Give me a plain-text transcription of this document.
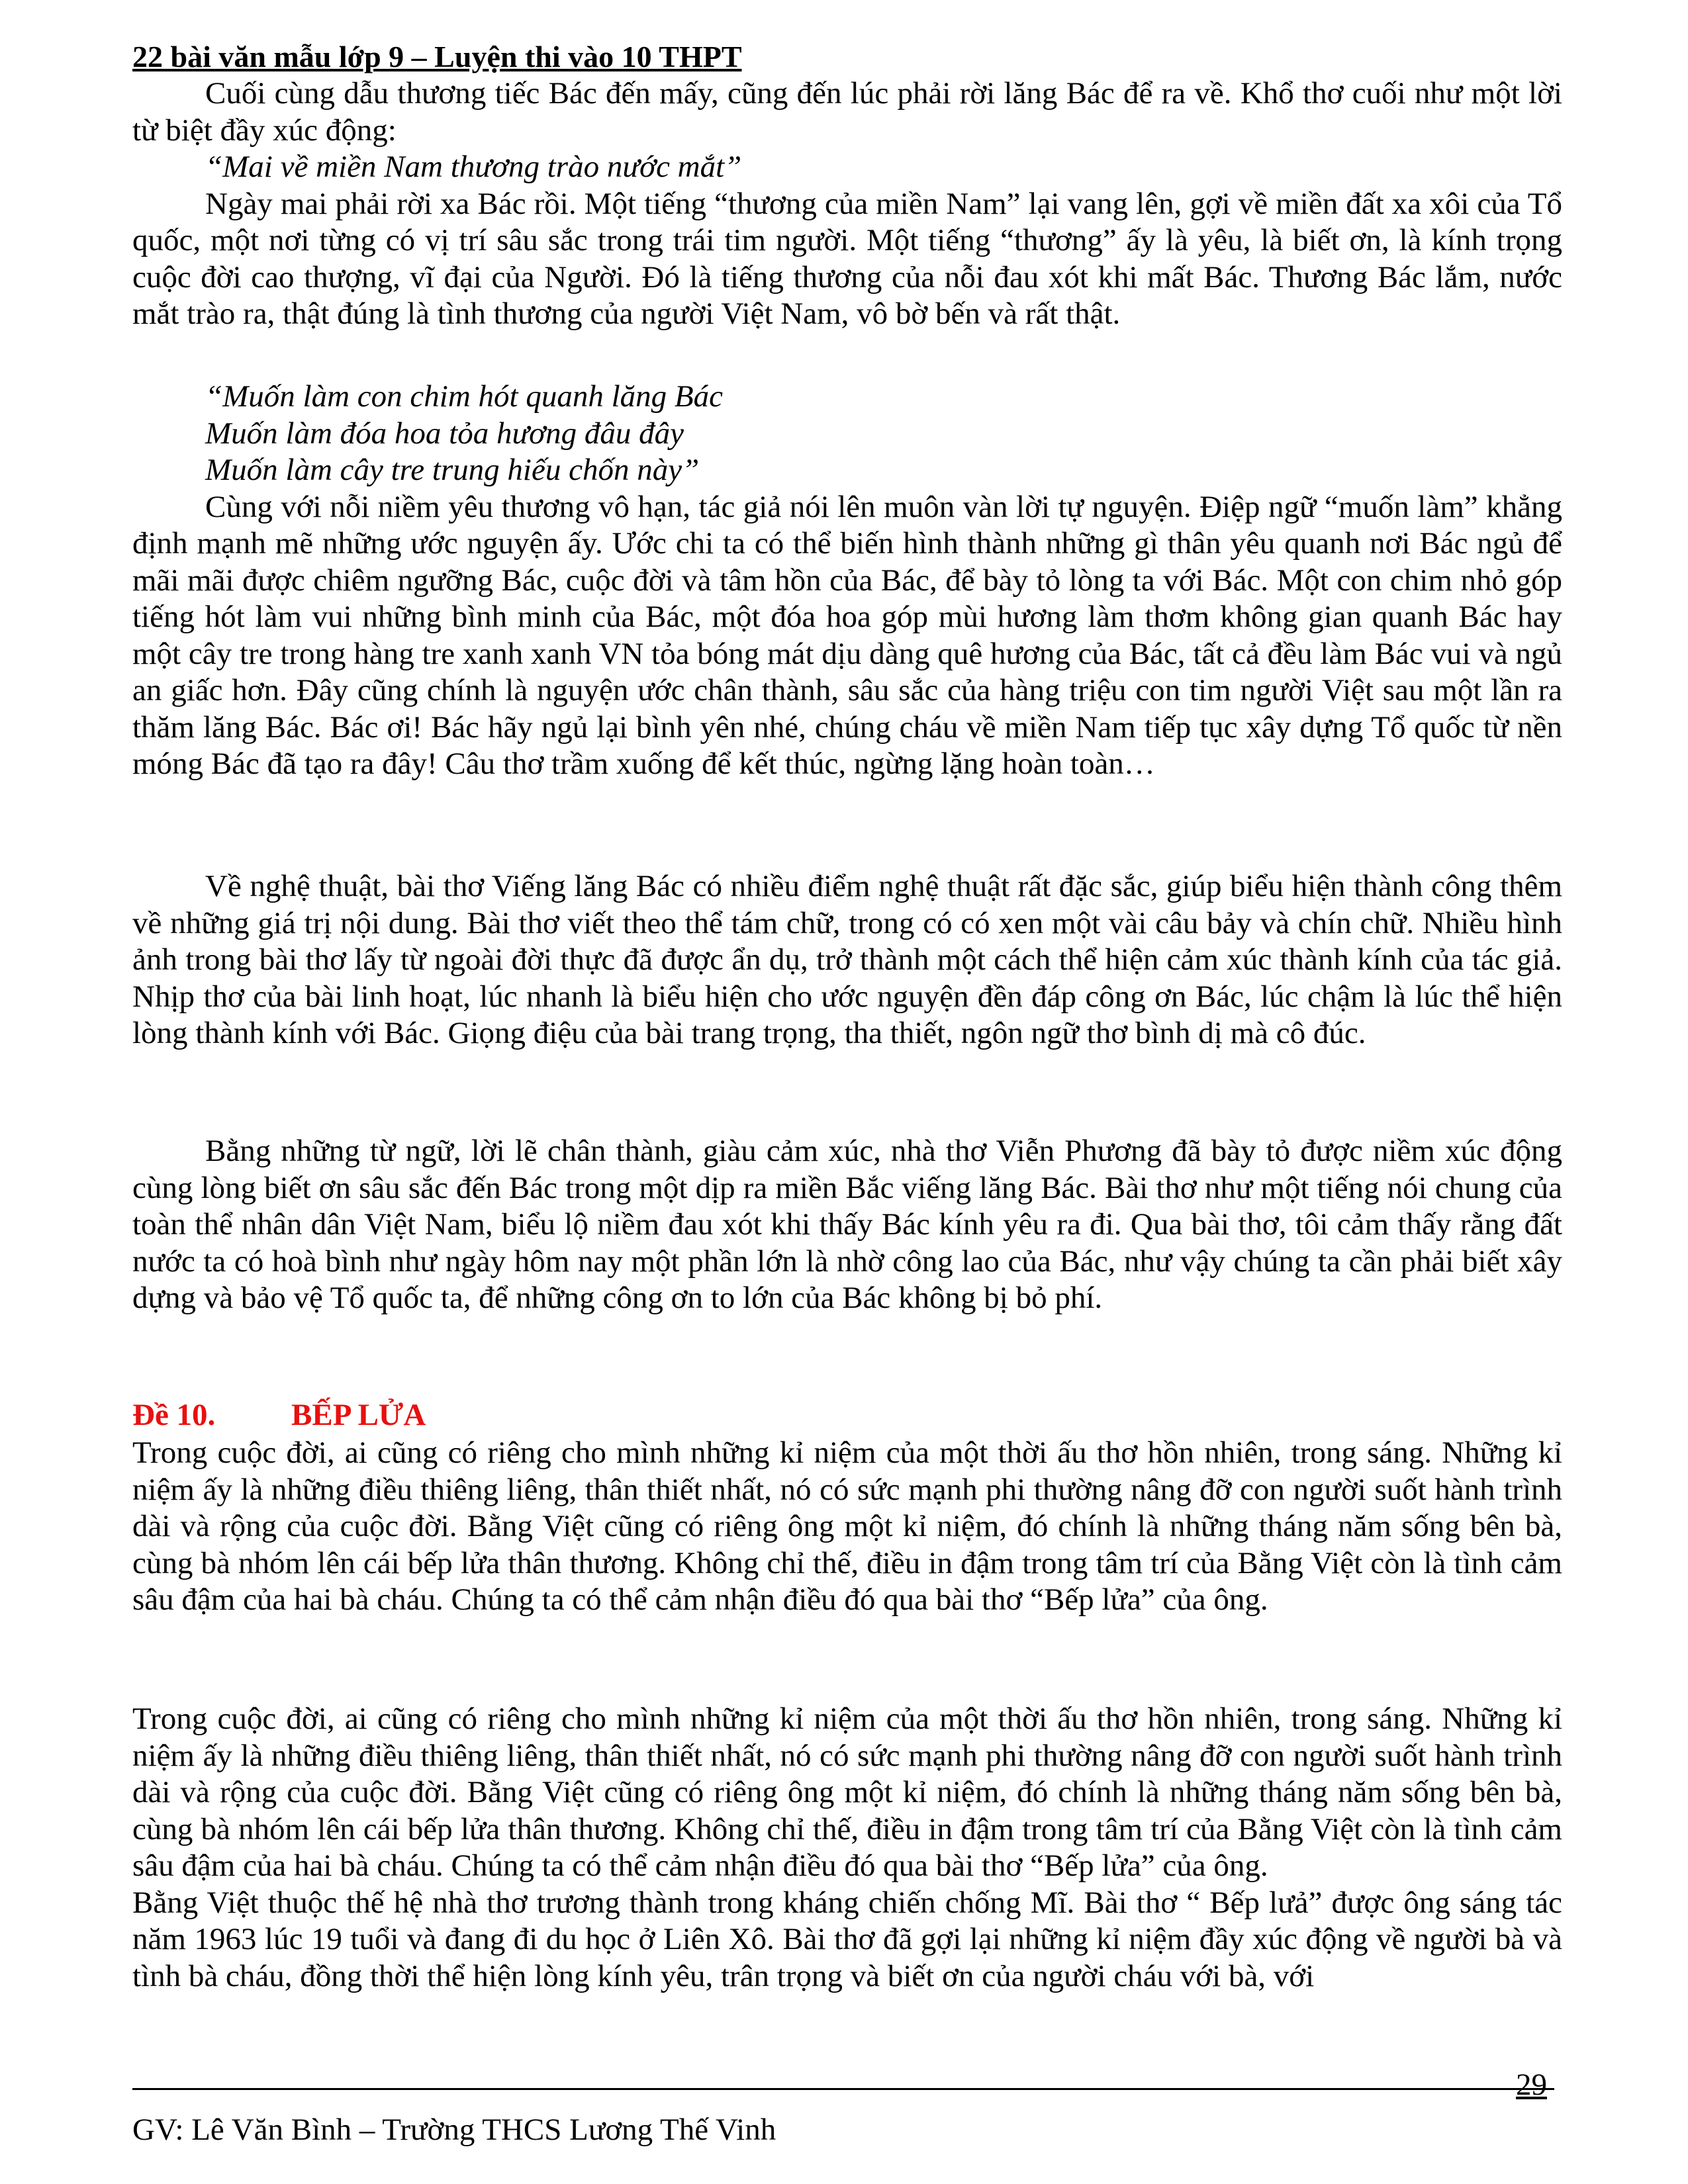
22 bài văn mẫu lớp 9 – Luyện thi vào 10 THPT

Cuối cùng dẫu thương tiếc Bác đến mấy, cũng đến lúc phải rời lăng Bác để ra về. Khổ thơ cuối như một lời từ biệt đầy xúc động:

“Mai về miền Nam thương trào nước mắt”

Ngày mai phải rời xa Bác rồi. Một tiếng “thương của miền Nam” lại vang lên, gợi về miền đất xa xôi của Tổ quốc, một nơi từng có vị trí sâu sắc trong trái tim người. Một tiếng “thương” ấy là yêu, là biết ơn, là kính trọng cuộc đời cao thượng, vĩ đại của Người. Đó là tiếng thương của nỗi đau xót khi mất Bác. Thương Bác lắm, nước mắt trào ra, thật đúng là tình thương của người Việt Nam, vô bờ bến và rất thật.

“Muốn làm con chim hót quanh lăng Bác
Muốn làm đóa hoa tỏa hương đâu đây
Muốn làm cây tre trung hiếu chốn này”

Cùng với nỗi niềm yêu thương vô hạn, tác giả nói lên muôn vàn lời tự nguyện. Điệp ngữ “muốn làm” khẳng định mạnh mẽ những ước nguyện ấy. Ước chi ta có thể biến hình thành những gì thân yêu quanh nơi Bác ngủ để mãi mãi được chiêm ngưỡng Bác, cuộc đời và tâm hồn của Bác, để bày tỏ lòng ta với Bác. Một con chim nhỏ góp tiếng hót làm vui những bình minh của Bác, một đóa hoa góp mùi hương làm thơm không gian quanh Bác hay một cây tre trong hàng tre xanh xanh VN tỏa bóng mát dịu dàng quê hương của Bác, tất cả đều làm Bác vui và ngủ an giấc hơn. Đây cũng chính là nguyện ước chân thành, sâu sắc của hàng triệu con tim người Việt sau một lần ra thăm lăng Bác. Bác ơi! Bác hãy ngủ lại bình yên nhé, chúng cháu về miền Nam tiếp tục xây dựng Tổ quốc từ nền móng Bác đã tạo ra đây! Câu thơ trầm xuống để kết thúc, ngừng lặng hoàn toàn…

Về nghệ thuật, bài thơ Viếng lăng Bác có nhiều điểm nghệ thuật rất đặc sắc, giúp biểu hiện thành công thêm về những giá trị nội dung. Bài thơ viết theo thể tám chữ, trong có có xen một vài câu bảy và chín chữ. Nhiều hình ảnh trong bài thơ lấy từ ngoài đời thực đã được ẩn dụ, trở thành một cách thể hiện cảm xúc thành kính của tác giả. Nhịp thơ của bài linh hoạt, lúc nhanh là biểu hiện cho ước nguyện đền đáp công ơn Bác, lúc chậm là lúc thể hiện lòng thành kính với Bác. Giọng điệu của bài trang trọng, tha thiết, ngôn ngữ thơ bình dị mà cô đúc.

Bằng những từ ngữ, lời lẽ chân thành, giàu cảm xúc, nhà thơ Viễn Phương đã bày tỏ được niềm xúc động cùng lòng biết ơn sâu sắc đến Bác trong một dịp ra miền Bắc viếng lăng Bác. Bài thơ như một tiếng nói chung của toàn thể nhân dân Việt Nam, biểu lộ niềm đau xót khi thấy Bác kính yêu ra đi. Qua bài thơ, tôi cảm thấy rằng đất nước ta có hoà bình như ngày hôm nay một phần lớn là nhờ công lao của Bác, như vậy chúng ta cần phải biết xây dựng và bảo vệ Tổ quốc ta, để những công ơn to lớn của Bác không bị bỏ phí.

Đề 10. BẾP LỬA

Trong cuộc đời, ai cũng có riêng cho mình những kỉ niệm của một thời ấu thơ hồn nhiên, trong sáng. Những kỉ niệm ấy là những điều thiêng liêng, thân thiết nhất, nó có sức mạnh phi thường nâng đỡ con người suốt hành trình dài và rộng của cuộc đời. Bằng Việt cũng có riêng ông một kỉ niệm, đó chính là những tháng năm sống bên bà, cùng bà nhóm lên cái bếp lửa thân thương. Không chỉ thế, điều in đậm trong tâm trí của Bằng Việt còn là tình cảm sâu đậm của hai bà cháu. Chúng ta có thể cảm nhận điều đó qua bài thơ “Bếp lửa” của ông.

Trong cuộc đời, ai cũng có riêng cho mình những kỉ niệm của một thời ấu thơ hồn nhiên, trong sáng. Những kỉ niệm ấy là những điều thiêng liêng, thân thiết nhất, nó có sức mạnh phi thường nâng đỡ con người suốt hành trình dài và rộng của cuộc đời. Bằng Việt cũng có riêng ông một kỉ niệm, đó chính là những tháng năm sống bên bà, cùng bà nhóm lên cái bếp lửa thân thương. Không chỉ thế, điều in đậm trong tâm trí của Bằng Việt còn là tình cảm sâu đậm của hai bà cháu. Chúng ta có thể cảm nhận điều đó qua bài thơ “Bếp lửa” của ông.

Bằng Việt thuộc thế hệ nhà thơ trương thành trong kháng chiến chống Mĩ. Bài thơ “ Bếp lưả” được ông sáng tác năm 1963 lúc 19 tuổi và đang đi du học ở Liên Xô. Bài thơ đã gợi lại những kỉ niệm đầy xúc động về người bà và tình bà cháu, đồng thời thể hiện lòng kính yêu, trân trọng và biết ơn của người cháu với bà, với

29
GV: Lê Văn Bình – Trường THCS Lương Thế Vinh
